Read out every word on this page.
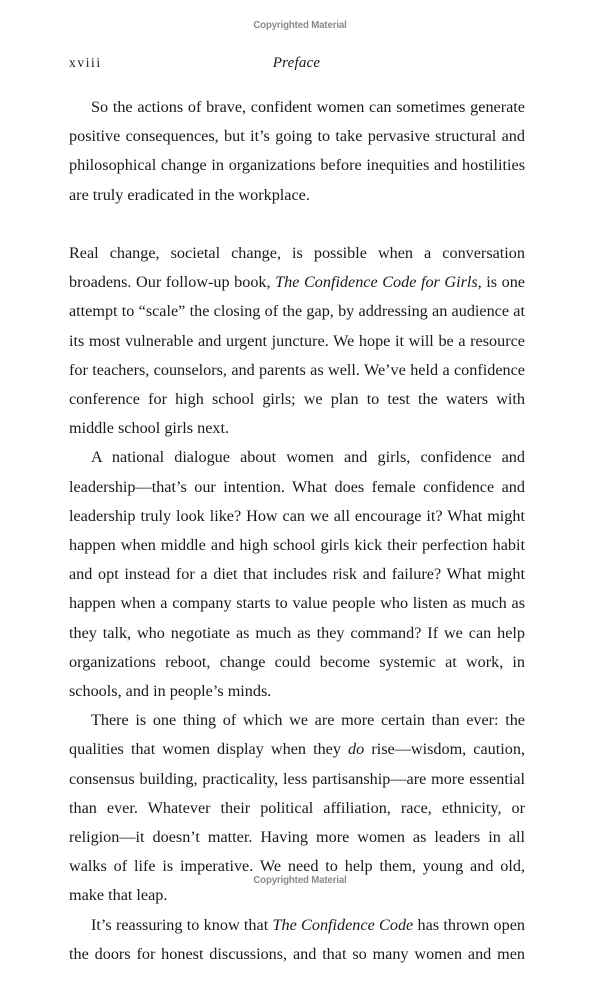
Copyrighted Material
xviii	Preface

So the actions of brave, confident women can sometimes generate positive consequences, but it’s going to take pervasive structural and philosophical change in organizations before inequities and hostilities are truly eradicated in the workplace.

Real change, societal change, is possible when a conversation broadens. Our follow-up book, The Confidence Code for Girls, is one attempt to “scale” the closing of the gap, by addressing an audience at its most vulnerable and urgent juncture. We hope it will be a resource for teachers, counselors, and parents as well. We’ve held a confidence conference for high school girls; we plan to test the waters with middle school girls next.

A national dialogue about women and girls, confidence and leadership—that’s our intention. What does female confidence and leadership truly look like? How can we all encourage it? What might happen when middle and high school girls kick their perfection habit and opt instead for a diet that includes risk and failure? What might happen when a company starts to value people who listen as much as they talk, who negotiate as much as they command? If we can help organizations reboot, change could become systemic at work, in schools, and in people’s minds.

There is one thing of which we are more certain than ever: the qualities that women display when they do rise—wisdom, caution, consensus building, practicality, less partisanship—are more essential than ever. Whatever their political affiliation, race, ethnicity, or religion—it doesn’t matter. Having more women as leaders in all walks of life is imperative. We need to help them, young and old, make that leap.

It’s reassuring to know that The Confidence Code has thrown open the doors for honest discussions, and that so many women and men

Copyrighted Material
